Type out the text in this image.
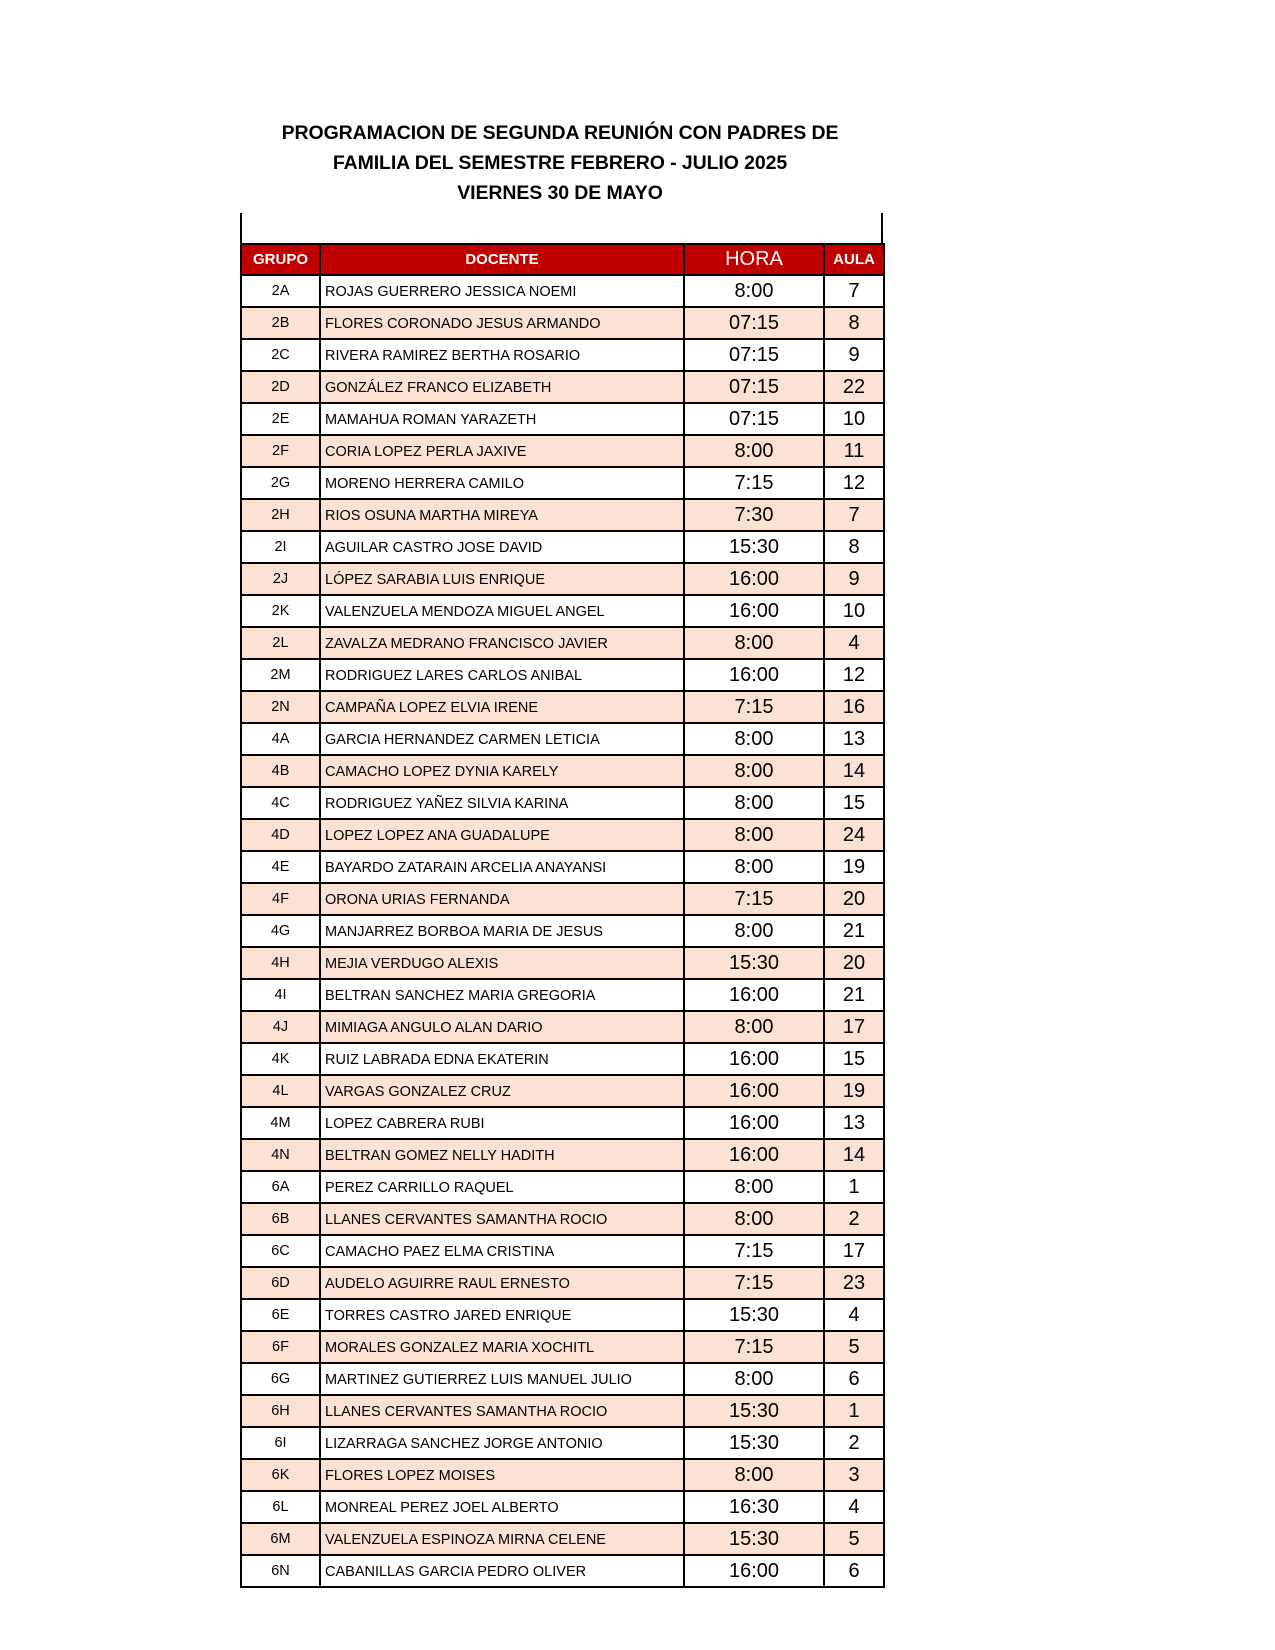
PROGRAMACION DE SEGUNDA REUNIÓN CON PADRES DE
FAMILIA DEL SEMESTRE FEBRERO - JULIO 2025
VIERNES 30 DE MAYO
GRUPO	DOCENTE	HORA	AULA
2A	ROJAS GUERRERO JESSICA NOEMI	8:00	7
2B	FLORES CORONADO JESUS ARMANDO	07:15	8
2C	RIVERA RAMIREZ BERTHA ROSARIO	07:15	9
2D	GONZÁLEZ FRANCO ELIZABETH	07:15	22
2E	MAMAHUA ROMAN YARAZETH	07:15	10
2F	CORIA LOPEZ PERLA JAXIVE	8:00	11
2G	MORENO HERRERA CAMILO	7:15	12
2H	RIOS OSUNA MARTHA MIREYA	7:30	7
2I	AGUILAR CASTRO JOSE DAVID	15:30	8
2J	LÓPEZ SARABIA LUIS ENRIQUE	16:00	9
2K	VALENZUELA MENDOZA MIGUEL ANGEL	16:00	10
2L	ZAVALZA MEDRANO FRANCISCO JAVIER	8:00	4
2M	RODRIGUEZ LARES CARLOS ANIBAL	16:00	12
2N	CAMPAÑA LOPEZ ELVIA IRENE	7:15	16
4A	GARCIA HERNANDEZ CARMEN LETICIA	8:00	13
4B	CAMACHO LOPEZ DYNIA KARELY	8:00	14
4C	RODRIGUEZ YAÑEZ SILVIA KARINA	8:00	15
4D	LOPEZ LOPEZ ANA GUADALUPE	8:00	24
4E	BAYARDO ZATARAIN ARCELIA ANAYANSI	8:00	19
4F	ORONA URIAS FERNANDA	7:15	20
4G	MANJARREZ BORBOA MARIA DE JESUS	8:00	21
4H	MEJIA VERDUGO ALEXIS	15:30	20
4I	BELTRAN SANCHEZ MARIA GREGORIA	16:00	21
4J	MIMIAGA ANGULO ALAN DARIO	8:00	17
4K	RUIZ LABRADA EDNA EKATERIN	16:00	15
4L	VARGAS GONZALEZ CRUZ	16:00	19
4M	LOPEZ CABRERA RUBI	16:00	13
4N	BELTRAN GOMEZ NELLY HADITH	16:00	14
6A	PEREZ CARRILLO RAQUEL	8:00	1
6B	LLANES CERVANTES SAMANTHA ROCIO	8:00	2
6C	CAMACHO PAEZ ELMA CRISTINA	7:15	17
6D	AUDELO AGUIRRE RAUL ERNESTO	7:15	23
6E	TORRES CASTRO JARED ENRIQUE	15:30	4
6F	MORALES GONZALEZ MARIA XOCHITL	7:15	5
6G	MARTINEZ GUTIERREZ LUIS MANUEL JULIO	8:00	6
6H	LLANES CERVANTES SAMANTHA ROCIO	15:30	1
6I	LIZARRAGA SANCHEZ JORGE ANTONIO	15:30	2
6K	FLORES LOPEZ MOISES	8:00	3
6L	MONREAL PEREZ JOEL ALBERTO	16:30	4
6M	VALENZUELA ESPINOZA MIRNA CELENE	15:30	5
6N	CABANILLAS GARCIA PEDRO OLIVER	16:00	6
